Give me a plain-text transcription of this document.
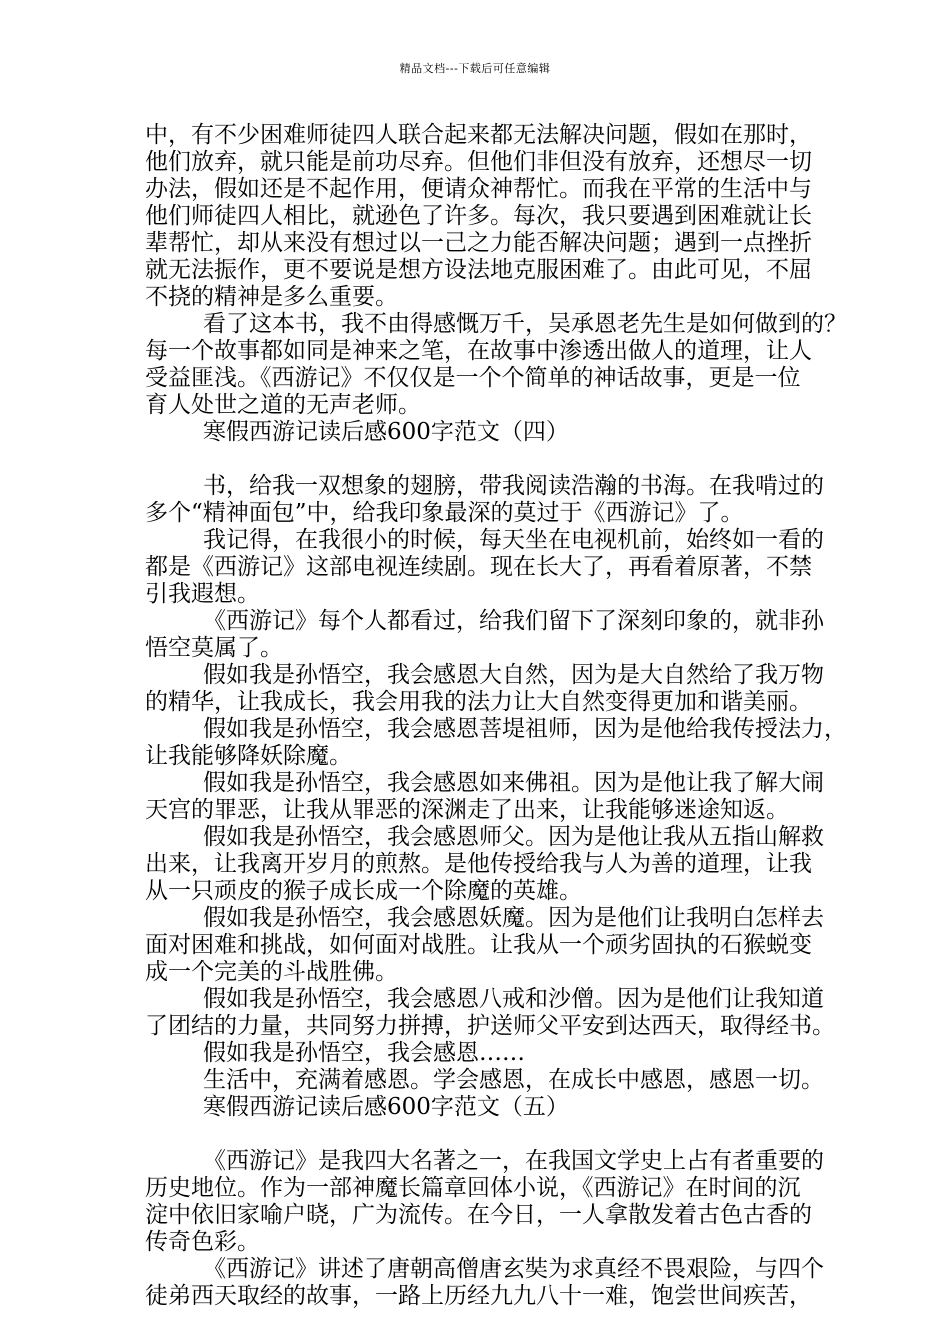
精品文档---下载后可任意编辑
中，有不少困难师徒四人联合起来都无法解决问题，假如在那时，
他们放弃，就只能是前功尽弃。但他们非但没有放弃，还想尽一切
办法，假如还是不起作用，便请众神帮忙。而我在平常的生活中与
他们师徒四人相比，就逊色了许多。每次，我只要遇到困难就让长
辈帮忙，却从来没有想过以一己之力能否解决问题；遇到一点挫折
就无法振作，更不要说是想方设法地克服困难了。由此可见，不屈
不挠的精神是多么重要。
看了这本书，我不由得感慨万千，吴承恩老先生是如何做到的？
每一个故事都如同是神来之笔，在故事中渗透出做人的道理，让人
受益匪浅。《西游记》不仅仅是一个个简单的神话故事，更是一位
育人处世之道的无声老师。
寒假西游记读后感600字范文（四）
书，给我一双想象的翅膀，带我阅读浩瀚的书海。在我啃过的
多个“精神面包”中，给我印象最深的莫过于《西游记》了。
我记得，在我很小的时候，每天坐在电视机前，始终如一看的
都是《西游记》这部电视连续剧。现在长大了，再看着原著，不禁
引我遐想。
《西游记》每个人都看过，给我们留下了深刻印象的，就非孙
悟空莫属了。
假如我是孙悟空，我会感恩大自然，因为是大自然给了我万物
的精华，让我成长，我会用我的法力让大自然变得更加和谐美丽。
假如我是孙悟空，我会感恩菩堤祖师，因为是他给我传授法力，
让我能够降妖除魔。
假如我是孙悟空，我会感恩如来佛祖。因为是他让我了解大闹
天宫的罪恶，让我从罪恶的深渊走了出来，让我能够迷途知返。
假如我是孙悟空，我会感恩师父。因为是他让我从五指山解救
出来，让我离开岁月的煎熬。是他传授给我与人为善的道理，让我
从一只顽皮的猴子成长成一个除魔的英雄。
假如我是孙悟空，我会感恩妖魔。因为是他们让我明白怎样去
面对困难和挑战，如何面对战胜。让我从一个顽劣固执的石猴蜕变
成一个完美的斗战胜佛。
假如我是孙悟空，我会感恩八戒和沙僧。因为是他们让我知道
了团结的力量，共同努力拼搏，护送师父平安到达西天，取得经书。
假如我是孙悟空，我会感恩……
生活中，充满着感恩。学会感恩，在成长中感恩，感恩一切。
寒假西游记读后感600字范文（五）
《西游记》是我四大名著之一，在我国文学史上占有者重要的
历史地位。作为一部神魔长篇章回体小说，《西游记》在时间的沉
淀中依旧家喻户晓，广为流传。在今日，一人拿散发着古色古香的
传奇色彩。
《西游记》讲述了唐朝高僧唐玄奘为求真经不畏艰险，与四个
徒弟西天取经的故事，一路上历经九九八十一难，饱尝世间疾苦，
